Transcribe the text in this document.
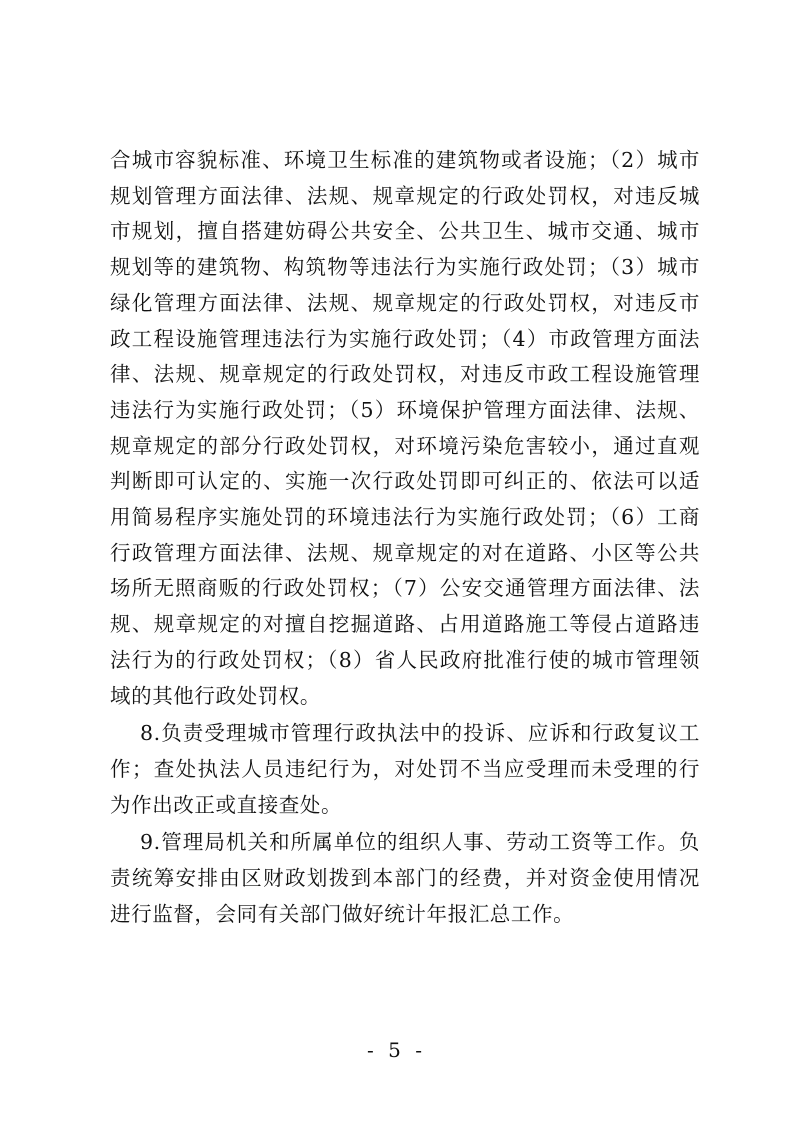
合城市容貌标准、环境卫生标准的建筑物或者设施；（2）城市规划管理方面法律、法规、规章规定的行政处罚权，对违反城市规划，擅自搭建妨碍公共安全、公共卫生、城市交通、城市规划等的建筑物、构筑物等违法行为实施行政处罚；（3）城市绿化管理方面法律、法规、规章规定的行政处罚权，对违反市政工程设施管理违法行为实施行政处罚；（4）市政管理方面法律、法规、规章规定的行政处罚权，对违反市政工程设施管理违法行为实施行政处罚；（5）环境保护管理方面法律、法规、规章规定的部分行政处罚权，对环境污染危害较小，通过直观判断即可认定的、实施一次行政处罚即可纠正的、依法可以适用简易程序实施处罚的环境违法行为实施行政处罚；（6）工商行政管理方面法律、法规、规章规定的对在道路、小区等公共场所无照商贩的行政处罚权；（7）公安交通管理方面法律、法规、规章规定的对擅自挖掘道路、占用道路施工等侵占道路违法行为的行政处罚权；（8）省人民政府批准行使的城市管理领域的其他行政处罚权。

8.负责受理城市管理行政执法中的投诉、应诉和行政复议工作；查处执法人员违纪行为，对处罚不当应受理而未受理的行为作出改正或直接查处。

9.管理局机关和所属单位的组织人事、劳动工资等工作。负责统筹安排由区财政划拨到本部门的经费，并对资金使用情况进行监督，会同有关部门做好统计年报汇总工作。

- 5 -
